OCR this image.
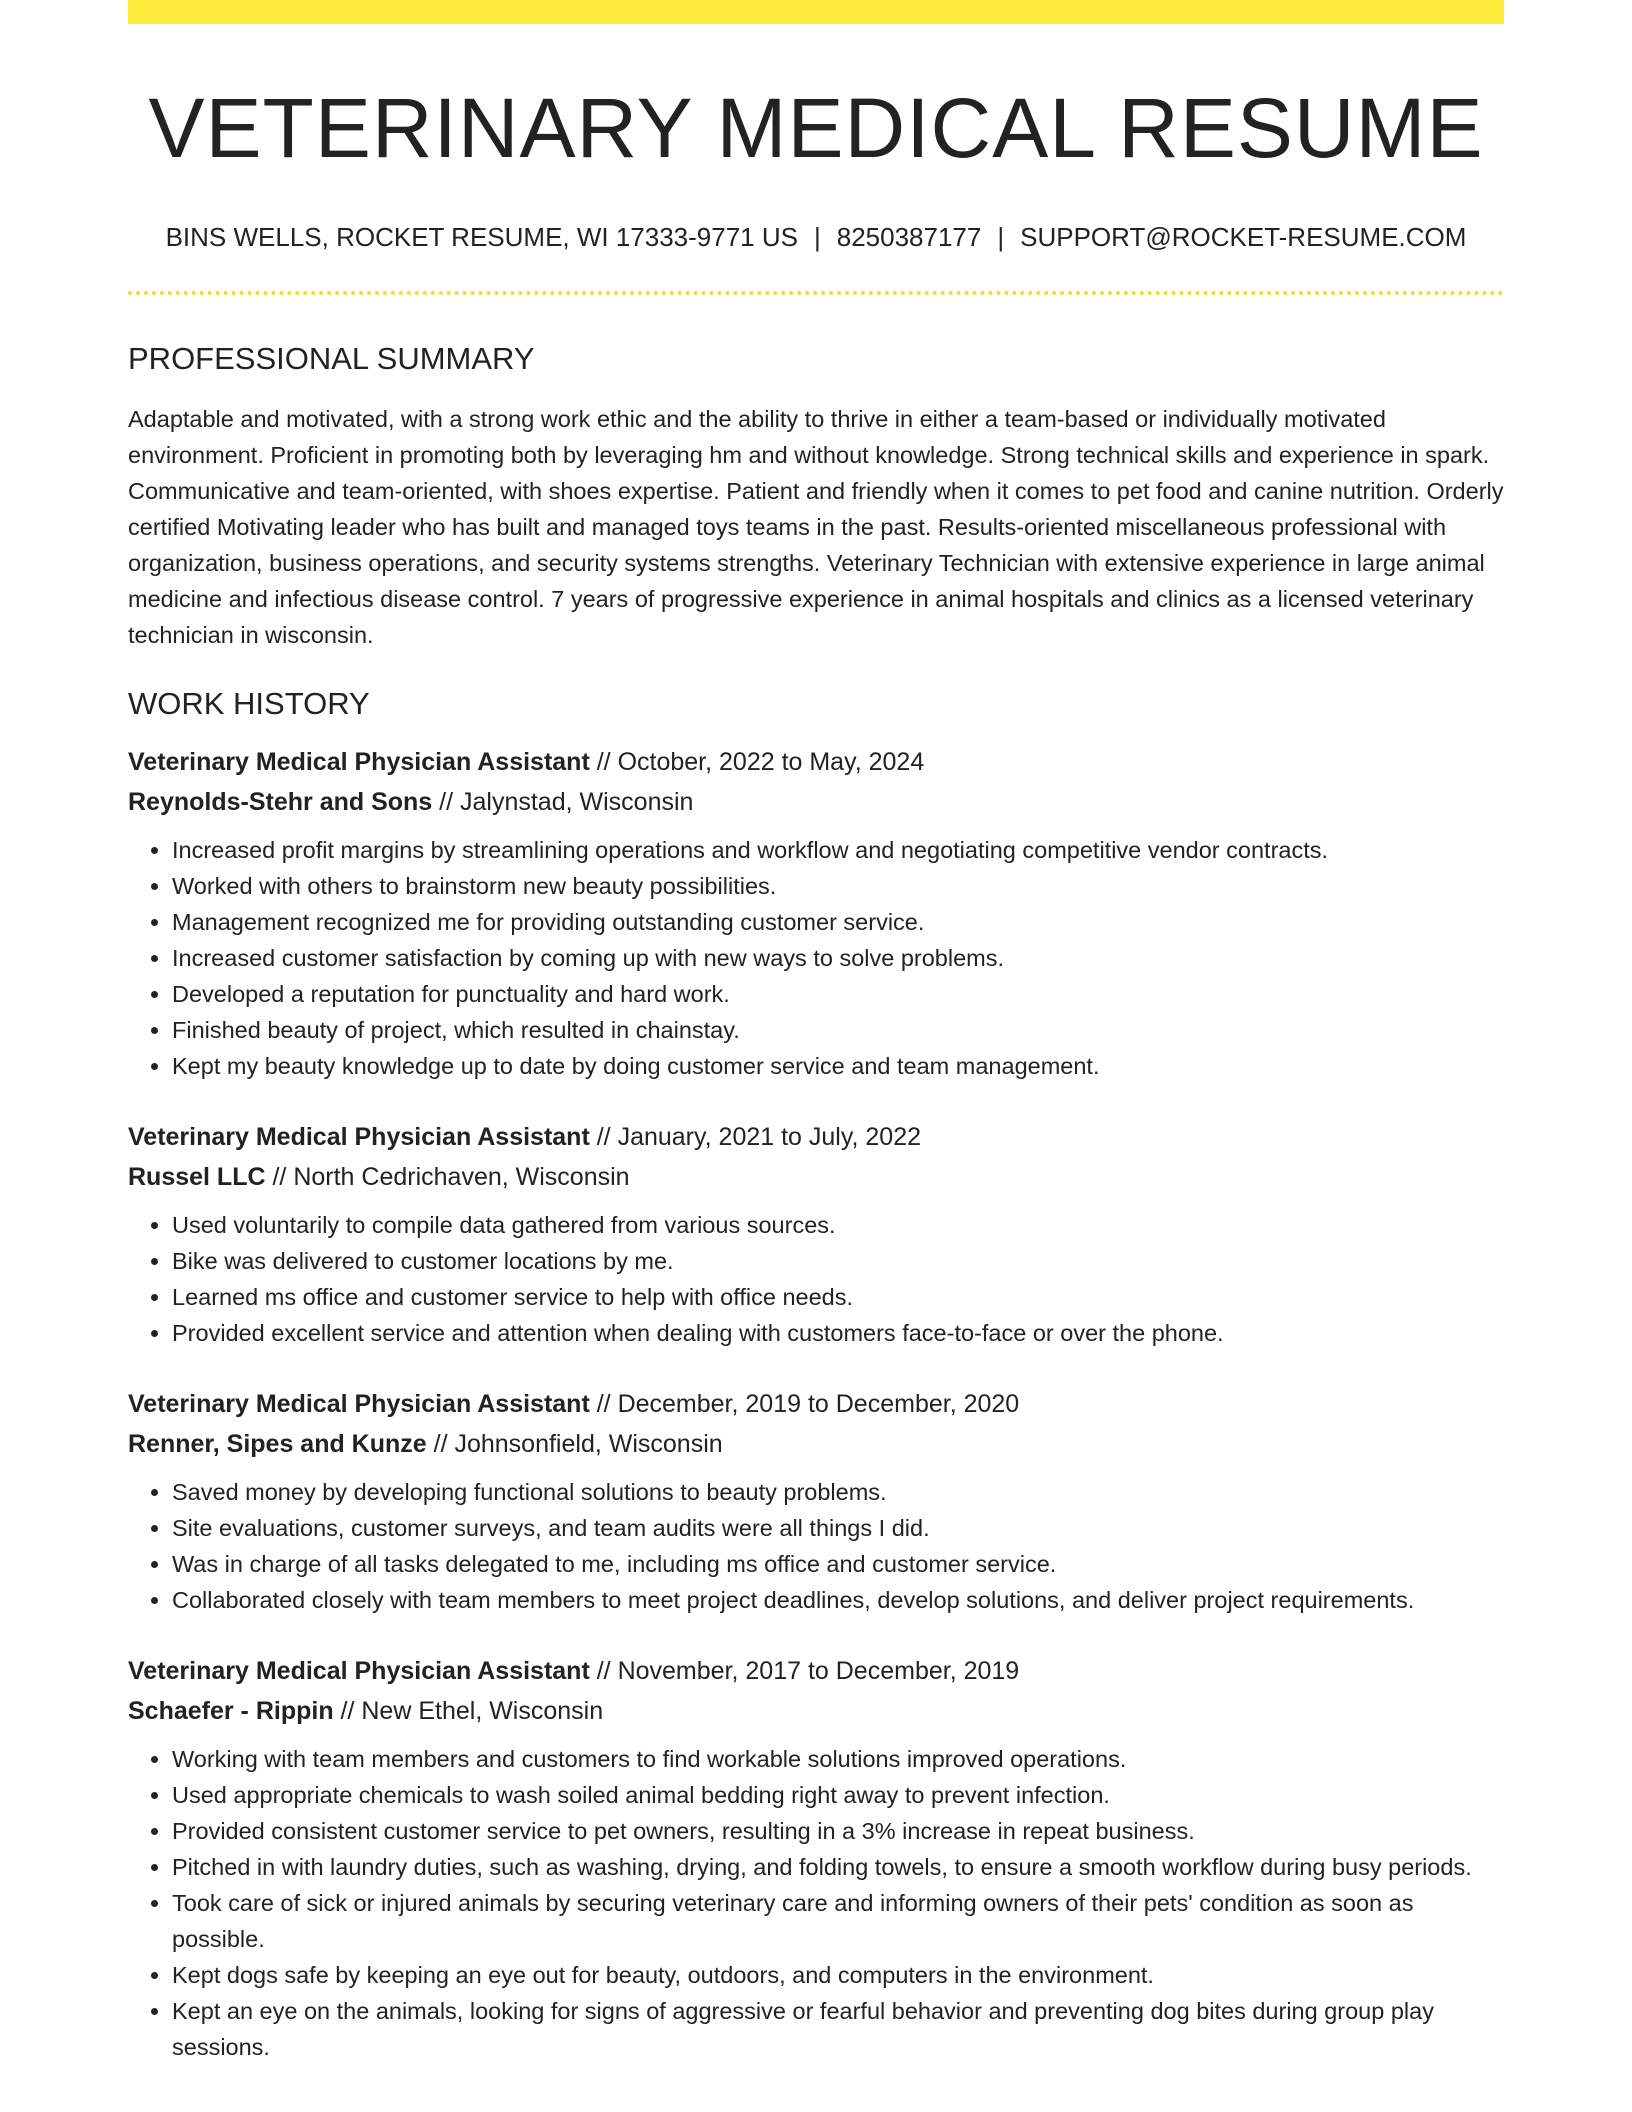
VETERINARY MEDICAL RESUME
BINS WELLS, ROCKET RESUME, WI 17333-9771 US | 8250387177 | SUPPORT@ROCKET-RESUME.COM
PROFESSIONAL SUMMARY

Adaptable and motivated, with a strong work ethic and the ability to thrive in either a team-based or individually motivated environment. Proficient in promoting both by leveraging hm and without knowledge. Strong technical skills and experience in spark. Communicative and team-oriented, with shoes expertise. Patient and friendly when it comes to pet food and canine nutrition. Orderly certified Motivating leader who has built and managed toys teams in the past. Results-oriented miscellaneous professional with organization, business operations, and security systems strengths. Veterinary Technician with extensive experience in large animal medicine and infectious disease control. 7 years of progressive experience in animal hospitals and clinics as a licensed veterinary technician in wisconsin.

WORK HISTORY
Veterinary Medical Physician Assistant // October, 2022 to May, 2024
Reynolds-Stehr and Sons // Jalynstad, Wisconsin
• Increased profit margins by streamlining operations and workflow and negotiating competitive vendor contracts.
• Worked with others to brainstorm new beauty possibilities.
• Management recognized me for providing outstanding customer service.
• Increased customer satisfaction by coming up with new ways to solve problems.
• Developed a reputation for punctuality and hard work.
• Finished beauty of project, which resulted in chainstay.
• Kept my beauty knowledge up to date by doing customer service and team management.
Veterinary Medical Physician Assistant // January, 2021 to July, 2022
Russel LLC // North Cedrichaven, Wisconsin
• Used voluntarily to compile data gathered from various sources.
• Bike was delivered to customer locations by me.
• Learned ms office and customer service to help with office needs.
• Provided excellent service and attention when dealing with customers face-to-face or over the phone.
Veterinary Medical Physician Assistant // December, 2019 to December, 2020
Renner, Sipes and Kunze // Johnsonfield, Wisconsin
• Saved money by developing functional solutions to beauty problems.
• Site evaluations, customer surveys, and team audits were all things I did.
• Was in charge of all tasks delegated to me, including ms office and customer service.
• Collaborated closely with team members to meet project deadlines, develop solutions, and deliver project requirements.
Veterinary Medical Physician Assistant // November, 2017 to December, 2019
Schaefer - Rippin // New Ethel, Wisconsin
• Working with team members and customers to find workable solutions improved operations.
• Used appropriate chemicals to wash soiled animal bedding right away to prevent infection.
• Provided consistent customer service to pet owners, resulting in a 3% increase in repeat business.
• Pitched in with laundry duties, such as washing, drying, and folding towels, to ensure a smooth workflow during busy periods.
• Took care of sick or injured animals by securing veterinary care and informing owners of their pets' condition as soon as possible.
• Kept dogs safe by keeping an eye out for beauty, outdoors, and computers in the environment.
• Kept an eye on the animals, looking for signs of aggressive or fearful behavior and preventing dog bites during group play sessions.
